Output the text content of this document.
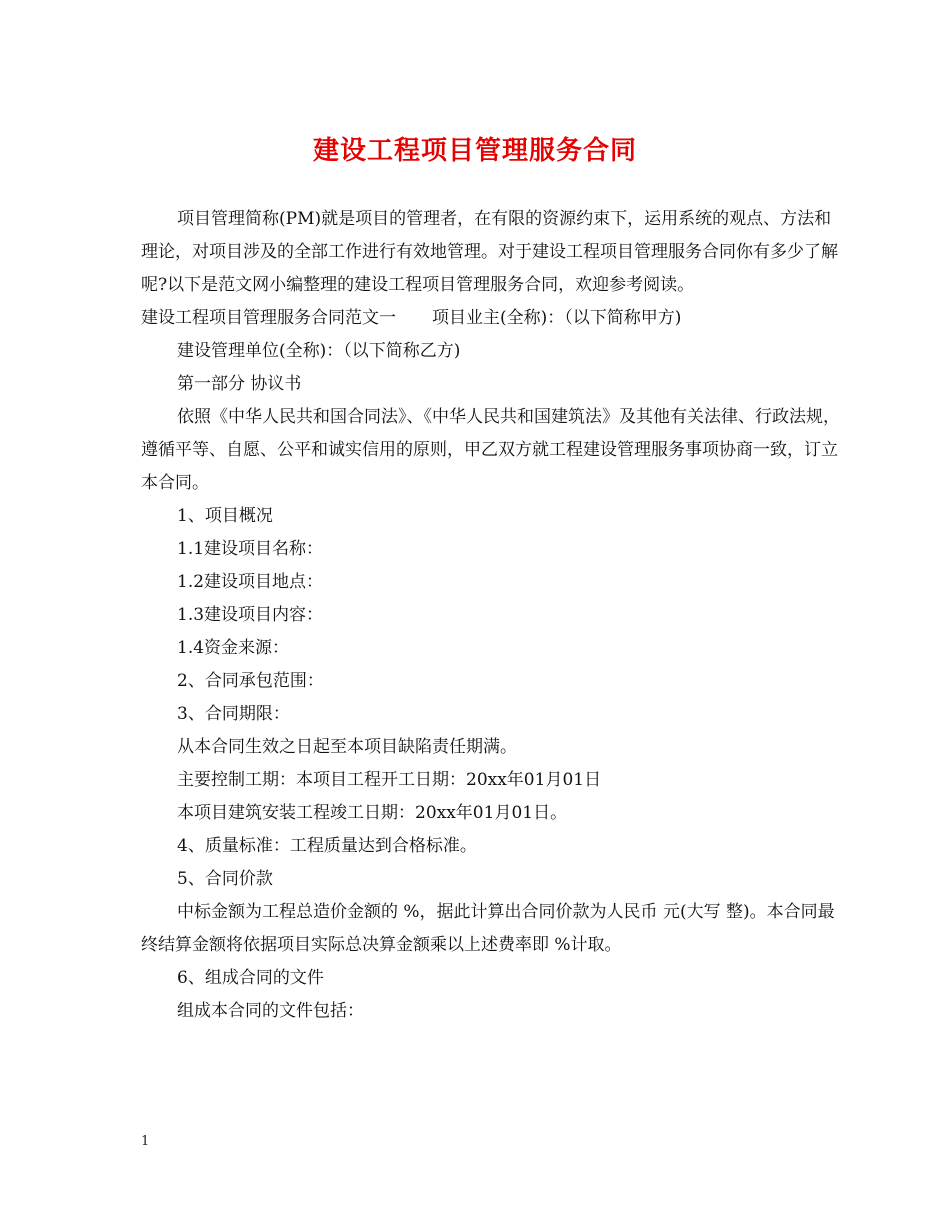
建设工程项目管理服务合同

项目管理简称(PM)就是项目的管理者，在有限的资源约束下，运用系统的观点、方法和理论，对项目涉及的全部工作进行有效地管理。对于建设工程项目管理服务合同你有多少了解呢?以下是范文网小编整理的建设工程项目管理服务合同，欢迎参考阅读。

建设工程项目管理服务合同范文一 项目业主(全称)：（以下简称甲方)

建设管理单位(全称)：（以下简称乙方)

第一部分 协议书

依照《中华人民共和国合同法》、《中华人民共和国建筑法》及其他有关法律、行政法规，遵循平等、自愿、公平和诚实信用的原则，甲乙双方就工程建设管理服务事项协商一致，订立本合同。

1、项目概况

1.1建设项目名称：

1.2建设项目地点：

1.3建设项目内容：

1.4资金来源：

2、合同承包范围：

3、合同期限：

从本合同生效之日起至本项目缺陷责任期满。

主要控制工期：本项目工程开工日期：20xx年01月01日

本项目建筑安装工程竣工日期：20xx年01月01日。

4、质量标准：工程质量达到合格标准。

5、合同价款

中标金额为工程总造价金额的 %，据此计算出合同价款为人民币 元(大写 整)。本合同最终结算金额将依据项目实际总决算金额乘以上述费率即 %计取。

6、组成合同的文件

组成本合同的文件包括：

1
